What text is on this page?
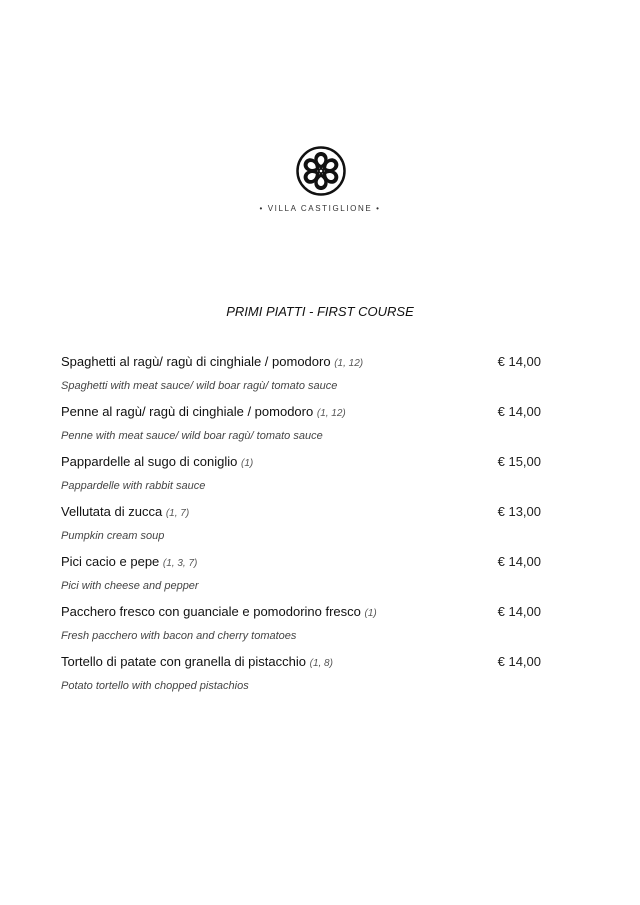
• VILLA CASTIGLIONE •
PRIMI PIATTI - FIRST COURSE
Spaghetti al ragù/ ragù di cinghiale / pomodoro (1, 12)	€ 14,00
Spaghetti with meat sauce/ wild boar ragù/ tomato sauce
Penne al ragù/ ragù di cinghiale / pomodoro (1, 12)	€ 14,00
Penne with meat sauce/ wild boar ragù/ tomato sauce
Pappardelle al sugo di coniglio (1)	€ 15,00
Pappardelle with rabbit sauce
Vellutata di zucca (1, 7)	€ 13,00
Pumpkin cream soup
Pici cacio e pepe (1, 3, 7)	€ 14,00
Pici with cheese and pepper
Pacchero fresco con guanciale e pomodorino fresco (1)	€ 14,00
Fresh pacchero with bacon and cherry tomatoes
Tortello di patate con granella di pistacchio (1, 8)	€ 14,00
Potato tortello with chopped pistachios
